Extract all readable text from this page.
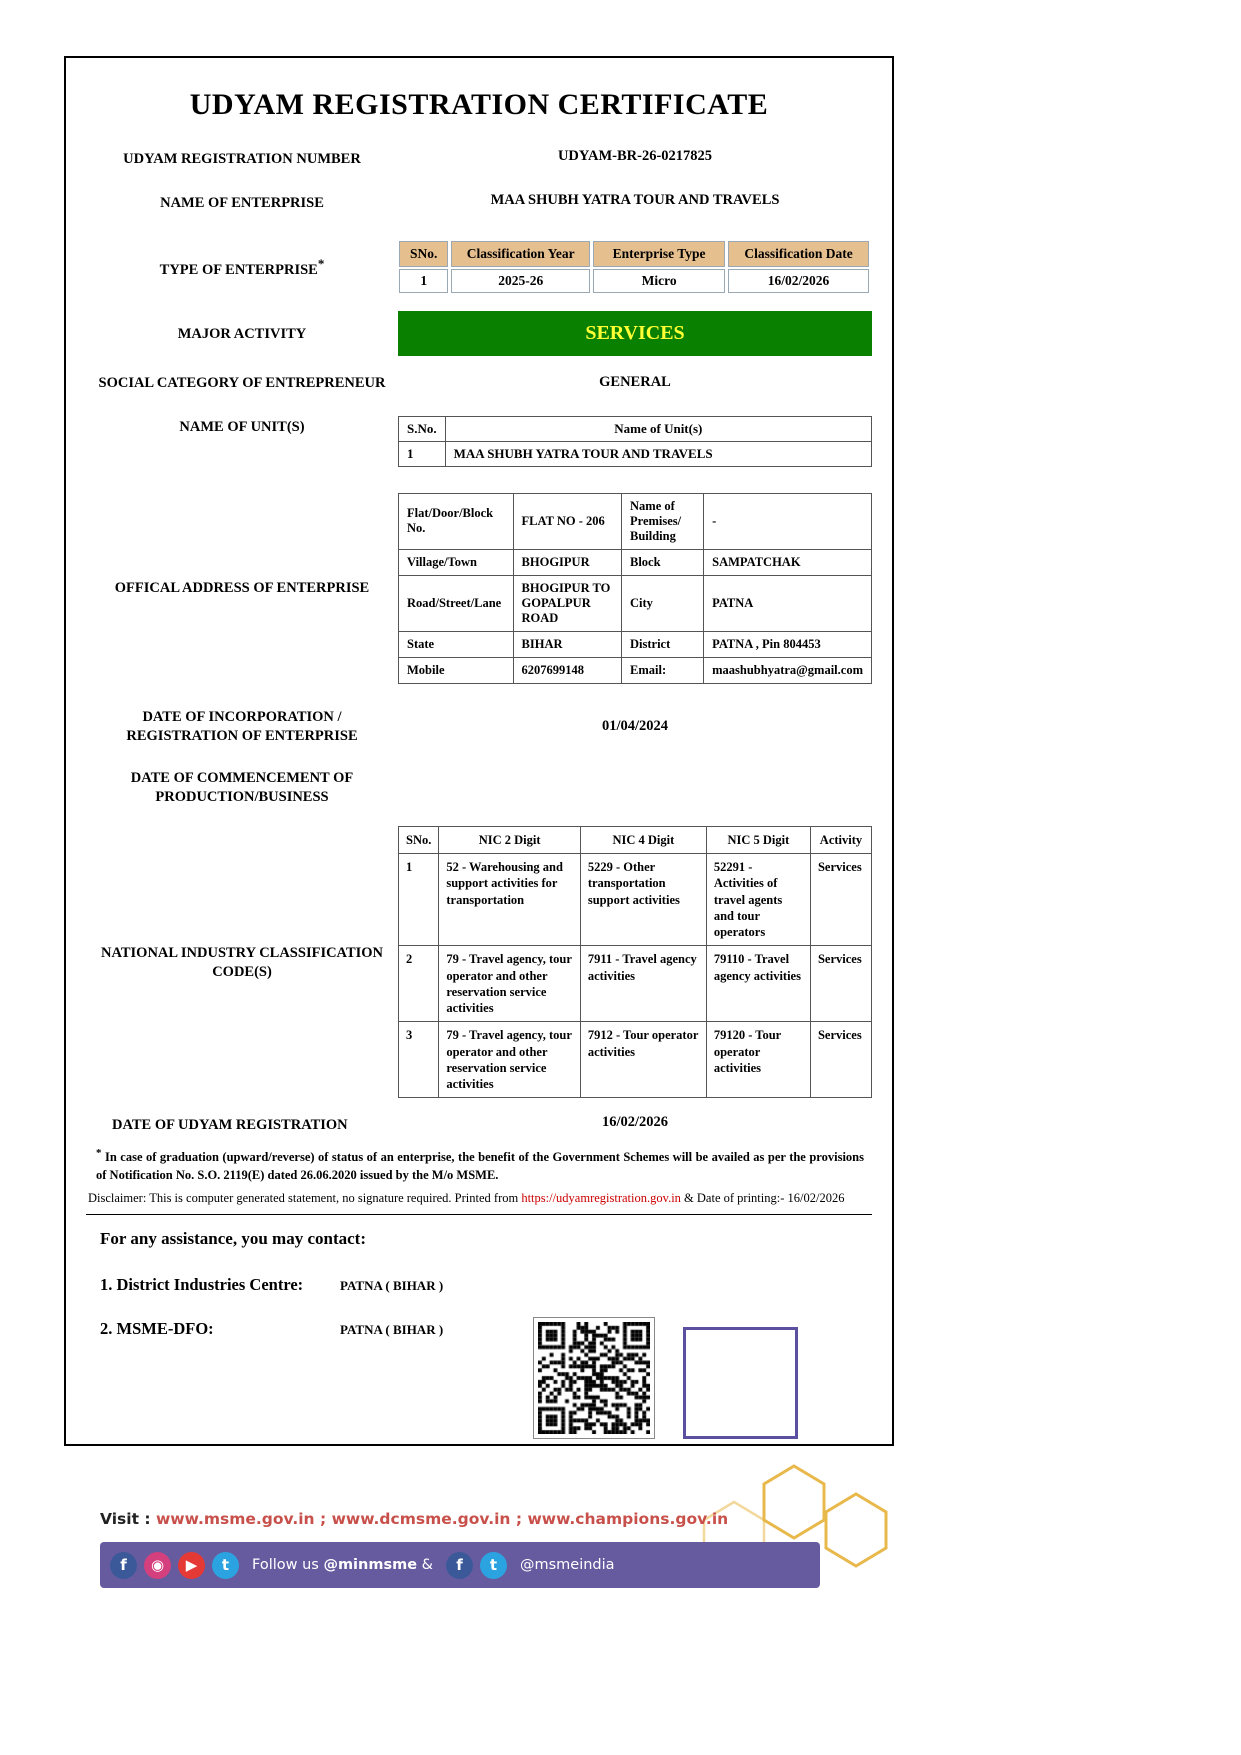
UDYAM REGISTRATION CERTIFICATE
UDYAM REGISTRATION NUMBER	UDYAM-BR-26-0217825
NAME OF ENTERPRISE	MAA SHUBH YATRA TOUR AND TRAVELS
TYPE OF ENTERPRISE*
SNo.	Classification Year	Enterprise Type	Classification Date
1	2025-26	Micro	16/02/2026
MAJOR ACTIVITY	SERVICES
SOCIAL CATEGORY OF ENTREPRENEUR	GENERAL
NAME OF UNIT(S)	S.No.	Name of Unit(s)
1	MAA SHUBH YATRA TOUR AND TRAVELS
OFFICAL ADDRESS OF ENTERPRISE
Flat/Door/Block No.	FLAT NO - 206	Name of Premises/ Building	-
Village/Town	BHOGIPUR	Block	SAMPATCHAK
Road/Street/Lane	BHOGIPUR TO GOPALPUR ROAD	City	PATNA
State	BIHAR	District	PATNA , Pin 804453
Mobile	6207699148	Email:	maashubhyatra@gmail.com
DATE OF INCORPORATION / REGISTRATION OF ENTERPRISE
01/04/2024
DATE OF COMMENCEMENT OF PRODUCTION/BUSINESS
NATIONAL INDUSTRY CLASSIFICATION CODE(S)
SNo.	NIC 2 Digit	NIC 4 Digit	NIC 5 Digit	Activity
1	52 - Warehousing and support activities for transportation	5229 - Other transportation support activities	52291 - Activities of travel agents and tour operators	Services
2	79 - Travel agency, tour operator and other reservation service activities	7911 - Travel agency activities	79110 - Travel agency activities	Services
3	79 - Travel agency, tour operator and other reservation service activities	7912 - Tour operator activities	79120 - Tour operator activities	Services
DATE OF UDYAM REGISTRATION	16/02/2026
* In case of graduation (upward/reverse) of status of an enterprise, the benefit of the Government Schemes will be availed as per the provisions of Notification No. S.O. 2119(E) dated 26.06.2020 issued by the M/o MSME.
Disclaimer: This is computer generated statement, no signature required. Printed from https://udyamregistration.gov.in & Date of printing:- 16/02/2026
For any assistance, you may contact:
1. District Industries Centre:	PATNA ( BIHAR )
2. MSME-DFO:	PATNA ( BIHAR )
Visit : www.msme.gov.in ; www.dcmsme.gov.in ; www.champions.gov.in
f	◉	▶	t	Follow us @minmsme &	f	t	@msmeindia
